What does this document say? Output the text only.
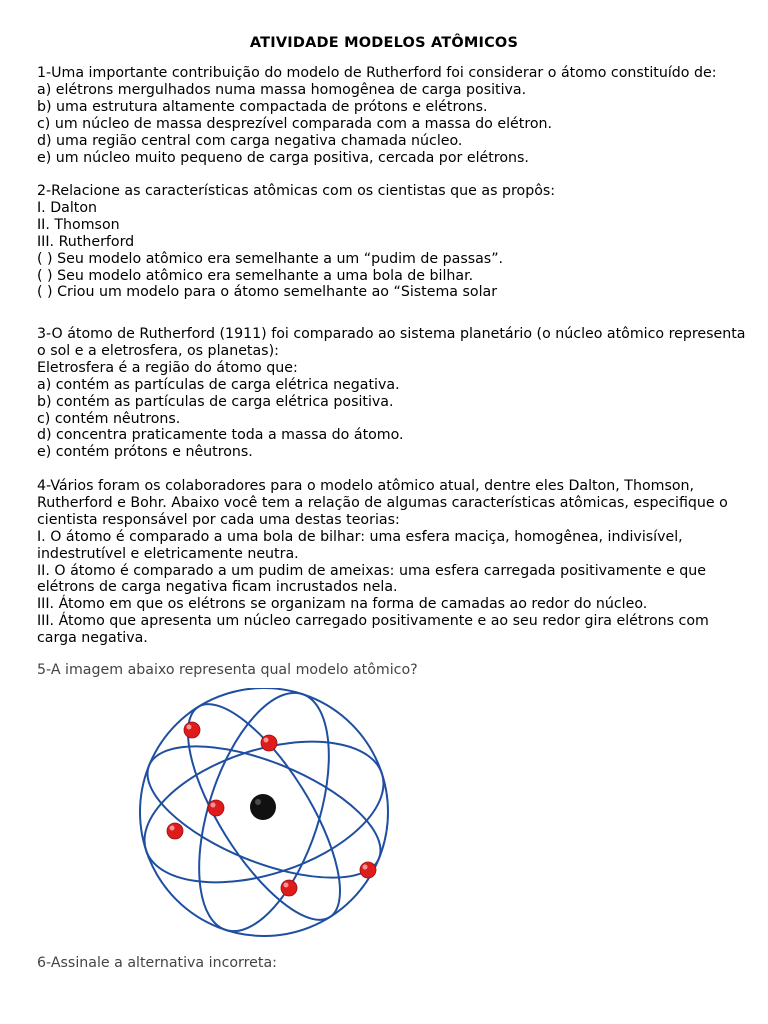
ATIVIDADE MODELOS ATÔMICOS
1-Uma importante contribuição do modelo de Rutherford foi considerar o átomo constituído de:
a) elétrons mergulhados numa massa homogênea de carga positiva.
b) uma estrutura altamente compactada de prótons e elétrons.
c) um núcleo de massa desprezível comparada com a massa do elétron.
d) uma região central com carga negativa chamada núcleo.
e) um núcleo muito pequeno de carga positiva, cercada por elétrons.
2-Relacione as características atômicas com os cientistas que as propôs:
I. Dalton
II. Thomson
III. Rutherford
( ) Seu modelo atômico era semelhante a um “pudim de passas”.
( ) Seu modelo atômico era semelhante a uma bola de bilhar.
( ) Criou um modelo para o átomo semelhante ao “Sistema solar
3-O átomo de Rutherford (1911) foi comparado ao sistema planetário (o núcleo atômico representa
o sol e a eletrosfera, os planetas):
Eletrosfera é a região do átomo que:
a) contém as partículas de carga elétrica negativa.
b) contém as partículas de carga elétrica positiva.
c) contém nêutrons.
d) concentra praticamente toda a massa do átomo.
e) contém prótons e nêutrons.
4-Vários foram os colaboradores para o modelo atômico atual, dentre eles Dalton, Thomson,
Rutherford e Bohr. Abaixo você tem a relação de algumas características atômicas, especifique o
cientista responsável por cada uma destas teorias:
I. O átomo é comparado a uma bola de bilhar: uma esfera maciça, homogênea, indivisível,
indestrutível e eletricamente neutra.
II. O átomo é comparado a um pudim de ameixas: uma esfera carregada positivamente e que
elétrons de carga negativa ficam incrustados nela.
III. Átomo em que os elétrons se organizam na forma de camadas ao redor do núcleo.
III. Átomo que apresenta um núcleo carregado positivamente e ao seu redor gira elétrons com
carga negativa.
5-A imagem abaixo representa qual modelo atômico?
6-Assinale a alternativa incorreta:
